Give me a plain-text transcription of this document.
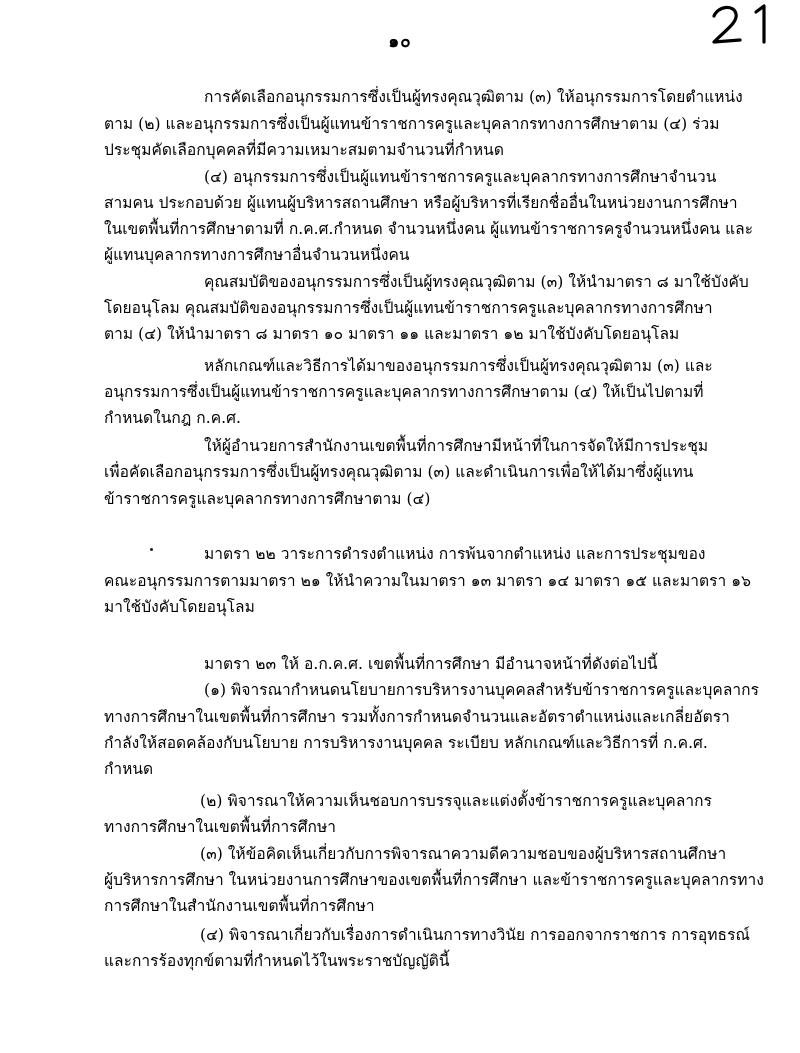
๑๐
การคัดเลือกอนุกรรมการซึ่งเป็นผู้ทรงคุณวุฒิตาม (๓) ให้อนุกรรมการโดยตำแหน่ง
ตาม (๒) และอนุกรรมการซึ่งเป็นผู้แทนข้าราชการครูและบุคลากรทางการศึกษาตาม (๔) ร่วม
ประชุมคัดเลือกบุคคลที่มีความเหมาะสมตามจำนวนที่กำหนด
(๔) อนุกรรมการซึ่งเป็นผู้แทนข้าราชการครูและบุคลากรทางการศึกษาจำนวน
สามคน ประกอบด้วย ผู้แทนผู้บริหารสถานศึกษา หรือผู้บริหารที่เรียกชื่ออื่นในหน่วยงานการศึกษา
ในเขตพื้นที่การศึกษาตามที่ ก.ค.ศ.กำหนด จำนวนหนึ่งคน ผู้แทนข้าราชการครูจำนวนหนึ่งคน และ
ผู้แทนบุคลากรทางการศึกษาอื่นจำนวนหนึ่งคน
คุณสมบัติของอนุกรรมการซึ่งเป็นผู้ทรงคุณวุฒิตาม (๓) ให้นำมาตรา ๘ มาใช้บังคับ
โดยอนุโลม คุณสมบัติของอนุกรรมการซึ่งเป็นผู้แทนข้าราชการครูและบุคลากรทางการศึกษา
ตาม (๔) ให้นำมาตรา ๘ มาตรา ๑๐ มาตรา ๑๑ และมาตรา ๑๒ มาใช้บังคับโดยอนุโลม
หลักเกณฑ์และวิธีการได้มาของอนุกรรมการซึ่งเป็นผู้ทรงคุณวุฒิตาม (๓) และ
อนุกรรมการซึ่งเป็นผู้แทนข้าราชการครูและบุคลากรทางการศึกษาตาม (๔) ให้เป็นไปตามที่
กำหนดในกฎ ก.ค.ศ.
ให้ผู้อำนวยการสำนักงานเขตพื้นที่การศึกษามีหน้าที่ในการจัดให้มีการประชุม
เพื่อคัดเลือกอนุกรรมการซึ่งเป็นผู้ทรงคุณวุฒิตาม (๓) และดำเนินการเพื่อให้ได้มาซึ่งผู้แทน
ข้าราชการครูและบุคลากรทางการศึกษาตาม (๔)
มาตรา ๒๒ วาระการดำรงตำแหน่ง การพ้นจากตำแหน่ง และการประชุมของ
คณะอนุกรรมการตามมาตรา ๒๑ ให้นำความในมาตรา ๑๓ มาตรา ๑๔ มาตรา ๑๕ และมาตรา ๑๖
มาใช้บังคับโดยอนุโลม
มาตรา ๒๓ ให้ อ.ก.ค.ศ. เขตพื้นที่การศึกษา มีอำนาจหน้าที่ดังต่อไปนี้
(๑) พิจารณากำหนดนโยบายการบริหารงานบุคคลสำหรับข้าราชการครูและบุคลากร
ทางการศึกษาในเขตพื้นที่การศึกษา รวมทั้งการกำหนดจำนวนและอัตราตำแหน่งและเกลี่ยอัตรา
กำลังให้สอดคล้องกับนโยบาย การบริหารงานบุคคล ระเบียบ หลักเกณฑ์และวิธีการที่ ก.ค.ศ.
กำหนด
(๒) พิจารณาให้ความเห็นชอบการบรรจุและแต่งตั้งข้าราชการครูและบุคลากร
ทางการศึกษาในเขตพื้นที่การศึกษา
(๓) ให้ข้อคิดเห็นเกี่ยวกับการพิจารณาความดีความชอบของผู้บริหารสถานศึกษา
ผู้บริหารการศึกษา ในหน่วยงานการศึกษาของเขตพื้นที่การศึกษา และข้าราชการครูและบุคลากรทาง
การศึกษาในสำนักงานเขตพื้นที่การศึกษา
(๔) พิจารณาเกี่ยวกับเรื่องการดำเนินการทางวินัย การออกจากราชการ การอุทธรณ์
และการร้องทุกข์ตามที่กำหนดไว้ในพระราชบัญญัตินี้
